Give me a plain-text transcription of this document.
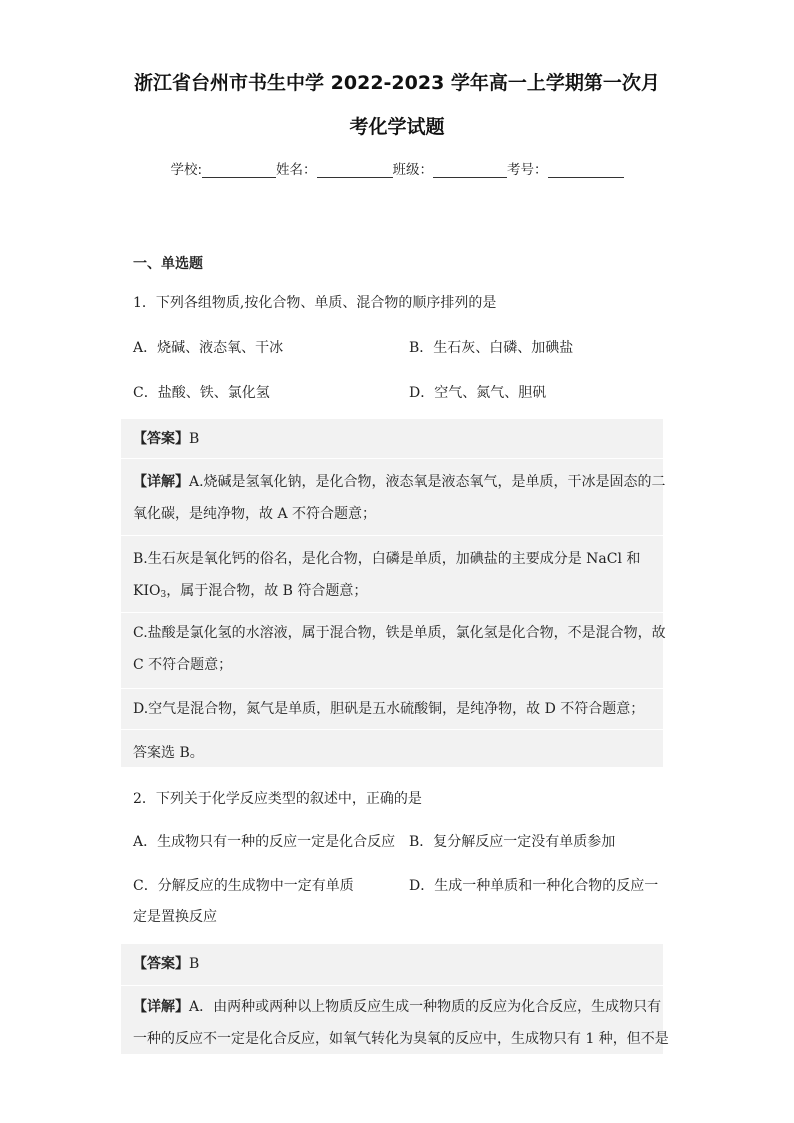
浙江省台州市书生中学 2022-2023 学年高一上学期第一次月
考化学试题
学校:	姓名：	班级：	考号：
一、单选题
1．下列各组物质,按化合物、单质、混合物的顺序排列的是
A．烧碱、液态氧、干冰	B．生石灰、白磷、加碘盐
C．盐酸、铁、氯化氢	D．空气、氮气、胆矾
【答案】B
【详解】A.烧碱是氢氧化钠，是化合物，液态氧是液态氧气，是单质，干冰是固态的二
氧化碳，是纯净物，故 A 不符合题意；
B.生石灰是氧化钙的俗名，是化合物，白磷是单质，加碘盐的主要成分是 NaCl 和
$KIO_3$，属于混合物，故 B 符合题意；
C.盐酸是氯化氢的水溶液，属于混合物，铁是单质，氯化氢是化合物，不是混合物，故
C 不符合题意；
D.空气是混合物，氮气是单质，胆矾是五水硫酸铜，是纯净物，故 D 不符合题意；
答案选 B。
2．下列关于化学反应类型的叙述中，正确的是
A．生成物只有一种的反应一定是化合反应 B．复分解反应一定没有单质参加
C．分解反应的生成物中一定有单质	D．生成一种单质和一种化合物的反应一
定是置换反应
【答案】B
【详解】A．由两种或两种以上物质反应生成一种物质的反应为化合反应，生成物只有
一种的反应不一定是化合反应，如氧气转化为臭氧的反应中，生成物只有 1 种，但不是
